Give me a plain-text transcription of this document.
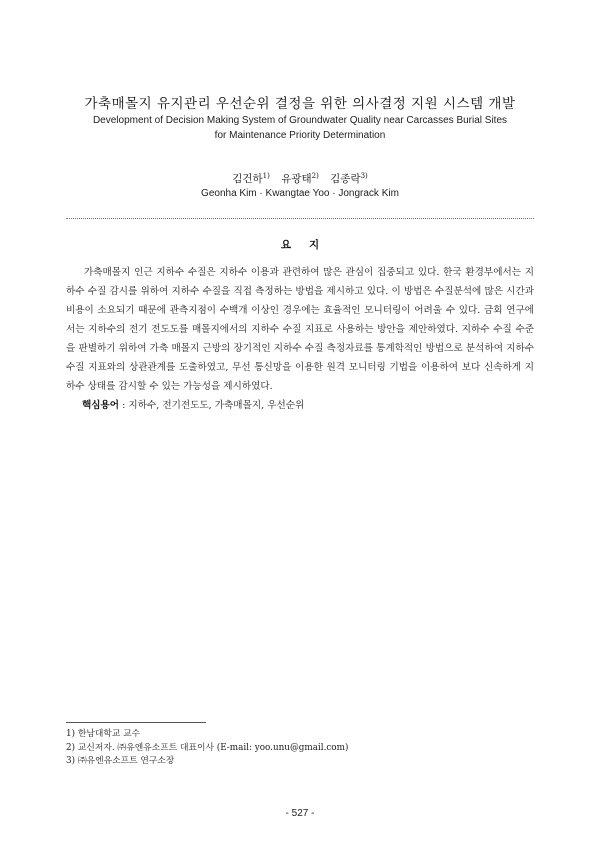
가축매몰지 유지관리 우선순위 결정을 위한 의사결정 지원 시스템 개발
Development of Decision Making System of Groundwater Quality near Carcasses Burial Sites
for Maintenance Priority Determination
김건하$^{1)}$ 유광태$^{2)}$ 김종락$^{3)}$
Geonha Kim · Kwangtae Yoo · Jongrack Kim
요지

가축매몰지 인근 지하수 수질은 지하수 이용과 관련하여 많은 관심이 집중되고 있다. 한국 환경부에서는 지하수 수질 감시를 위하여 지하수 수질을 직접 측정하는 방법을 제시하고 있다. 이 방법은 수질분석에 많은 시간과 비용이 소요되기 때문에 관측지점이 수백개 이상인 경우에는 효율적인 모니터링이 어려울 수 있다. 금회 연구에서는 지하수의 전기 전도도를 매몰지에서의 지하수 수질 지표로 사용하는 방안을 제안하였다. 지하수 수질 수준을 판별하기 위하여 가축 매몰지 근방의 장기적인 지하수 수질 측정자료를 통계학적인 방법으로 분석하여 지하수 수질 지표와의 상관관계를 도출하였고, 무선 통신망을 이용한 원격 모니터링 기법을 이용하여 보다 신속하게 지하수 상태를 감시할 수 있는 가능성을 제시하였다.

핵심용어 : 지하수, 전기전도도, 가축매몰지, 우선순위
1) 한남대학교 교수
2) 교신저자. ㈜유엔유소프트 대표이사 (E-mail: yoo.unu@gmail.com)
3) ㈜유엔유소프트 연구소장
- 527 -
